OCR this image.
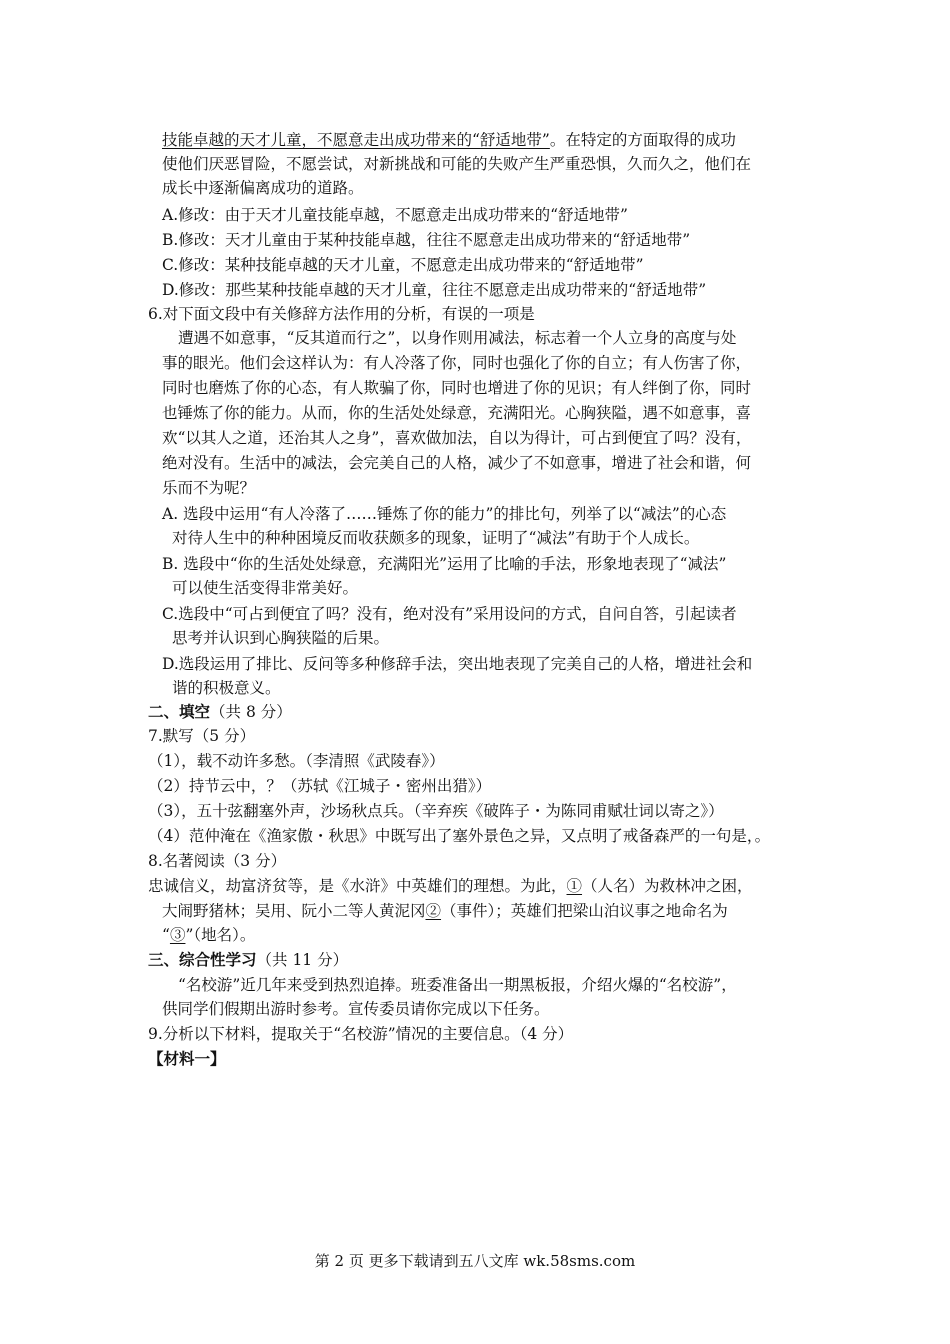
技能卓越的天才儿童，不愿意走出成功带来的“舒适地带”。在特定的方面取得的成功
使他们厌恶冒险，不愿尝试，对新挑战和可能的失败产生严重恐惧，久而久之，他们在
成长中逐渐偏离成功的道路。
A.修改：由于天才儿童技能卓越，不愿意走出成功带来的“舒适地带”
B.修改：天才儿童由于某种技能卓越，往往不愿意走出成功带来的“舒适地带”
C.修改：某种技能卓越的天才儿童，不愿意走出成功带来的“舒适地带”
D.修改：那些某种技能卓越的天才儿童，往往不愿意走出成功带来的“舒适地带”
6.对下面文段中有关修辞方法作用的分析，有误的一项是
遭遇不如意事，“反其道而行之”，以身作则用减法，标志着一个人立身的高度与处
事的眼光。他们会这样认为：有人冷落了你，同时也强化了你的自立；有人伤害了你，
同时也磨炼了你的心态，有人欺骗了你，同时也增进了你的见识；有人绊倒了你，同时
也锤炼了你的能力。从而，你的生活处处绿意，充满阳光。心胸狭隘，遇不如意事，喜
欢“以其人之道，还治其人之身”，喜欢做加法，自以为得计，可占到便宜了吗？没有，
绝对没有。生活中的减法，会完美自己的人格，减少了不如意事，增进了社会和谐，何
乐而不为呢？
A. 选段中运用“有人冷落了……锤炼了你的能力”的排比句，列举了以“减法”的心态
对待人生中的种种困境反而收获颇多的现象，证明了“减法”有助于个人成长。
B. 选段中“你的生活处处绿意，充满阳光”运用了比喻的手法，形象地表现了“减法”
可以使生活变得非常美好。
C.选段中“可占到便宜了吗？没有，绝对没有”采用设问的方式，自问自答，引起读者
思考并认识到心胸狭隘的后果。
D.选段运用了排比、反问等多种修辞手法，突出地表现了完美自己的人格，增进社会和
谐的积极意义。
二、填空（共 8 分）
7.默写（5 分）
（1），载不动许多愁。（李清照《武陵春》）
（2）持节云中，？（苏轼《江城子・密州出猎》）
（3），五十弦翻塞外声，沙场秋点兵。（辛弃疾《破阵子・为陈同甫赋壮词以寄之》）
（4）范仲淹在《渔家傲・秋思》中既写出了塞外景色之异，又点明了戒备森严的一句是，。
8.名著阅读（3 分）
忠诚信义，劫富济贫等，是《水浒》中英雄们的理想。为此，①（人名）为救林冲之困，
大闹野猪林；吴用、阮小二等人黄泥冈②（事件）；英雄们把梁山泊议事之地命名为
“③”（地名）。
三、综合性学习（共 11 分）
“名校游”近几年来受到热烈追捧。班委准备出一期黑板报，介绍火爆的“名校游”，
供同学们假期出游时参考。宣传委员请你完成以下任务。
9.分析以下材料，提取关于“名校游”情况的主要信息。（4 分）
【材料一】
第 2 页 更多下载请到五八文库 wk.58sms.com
